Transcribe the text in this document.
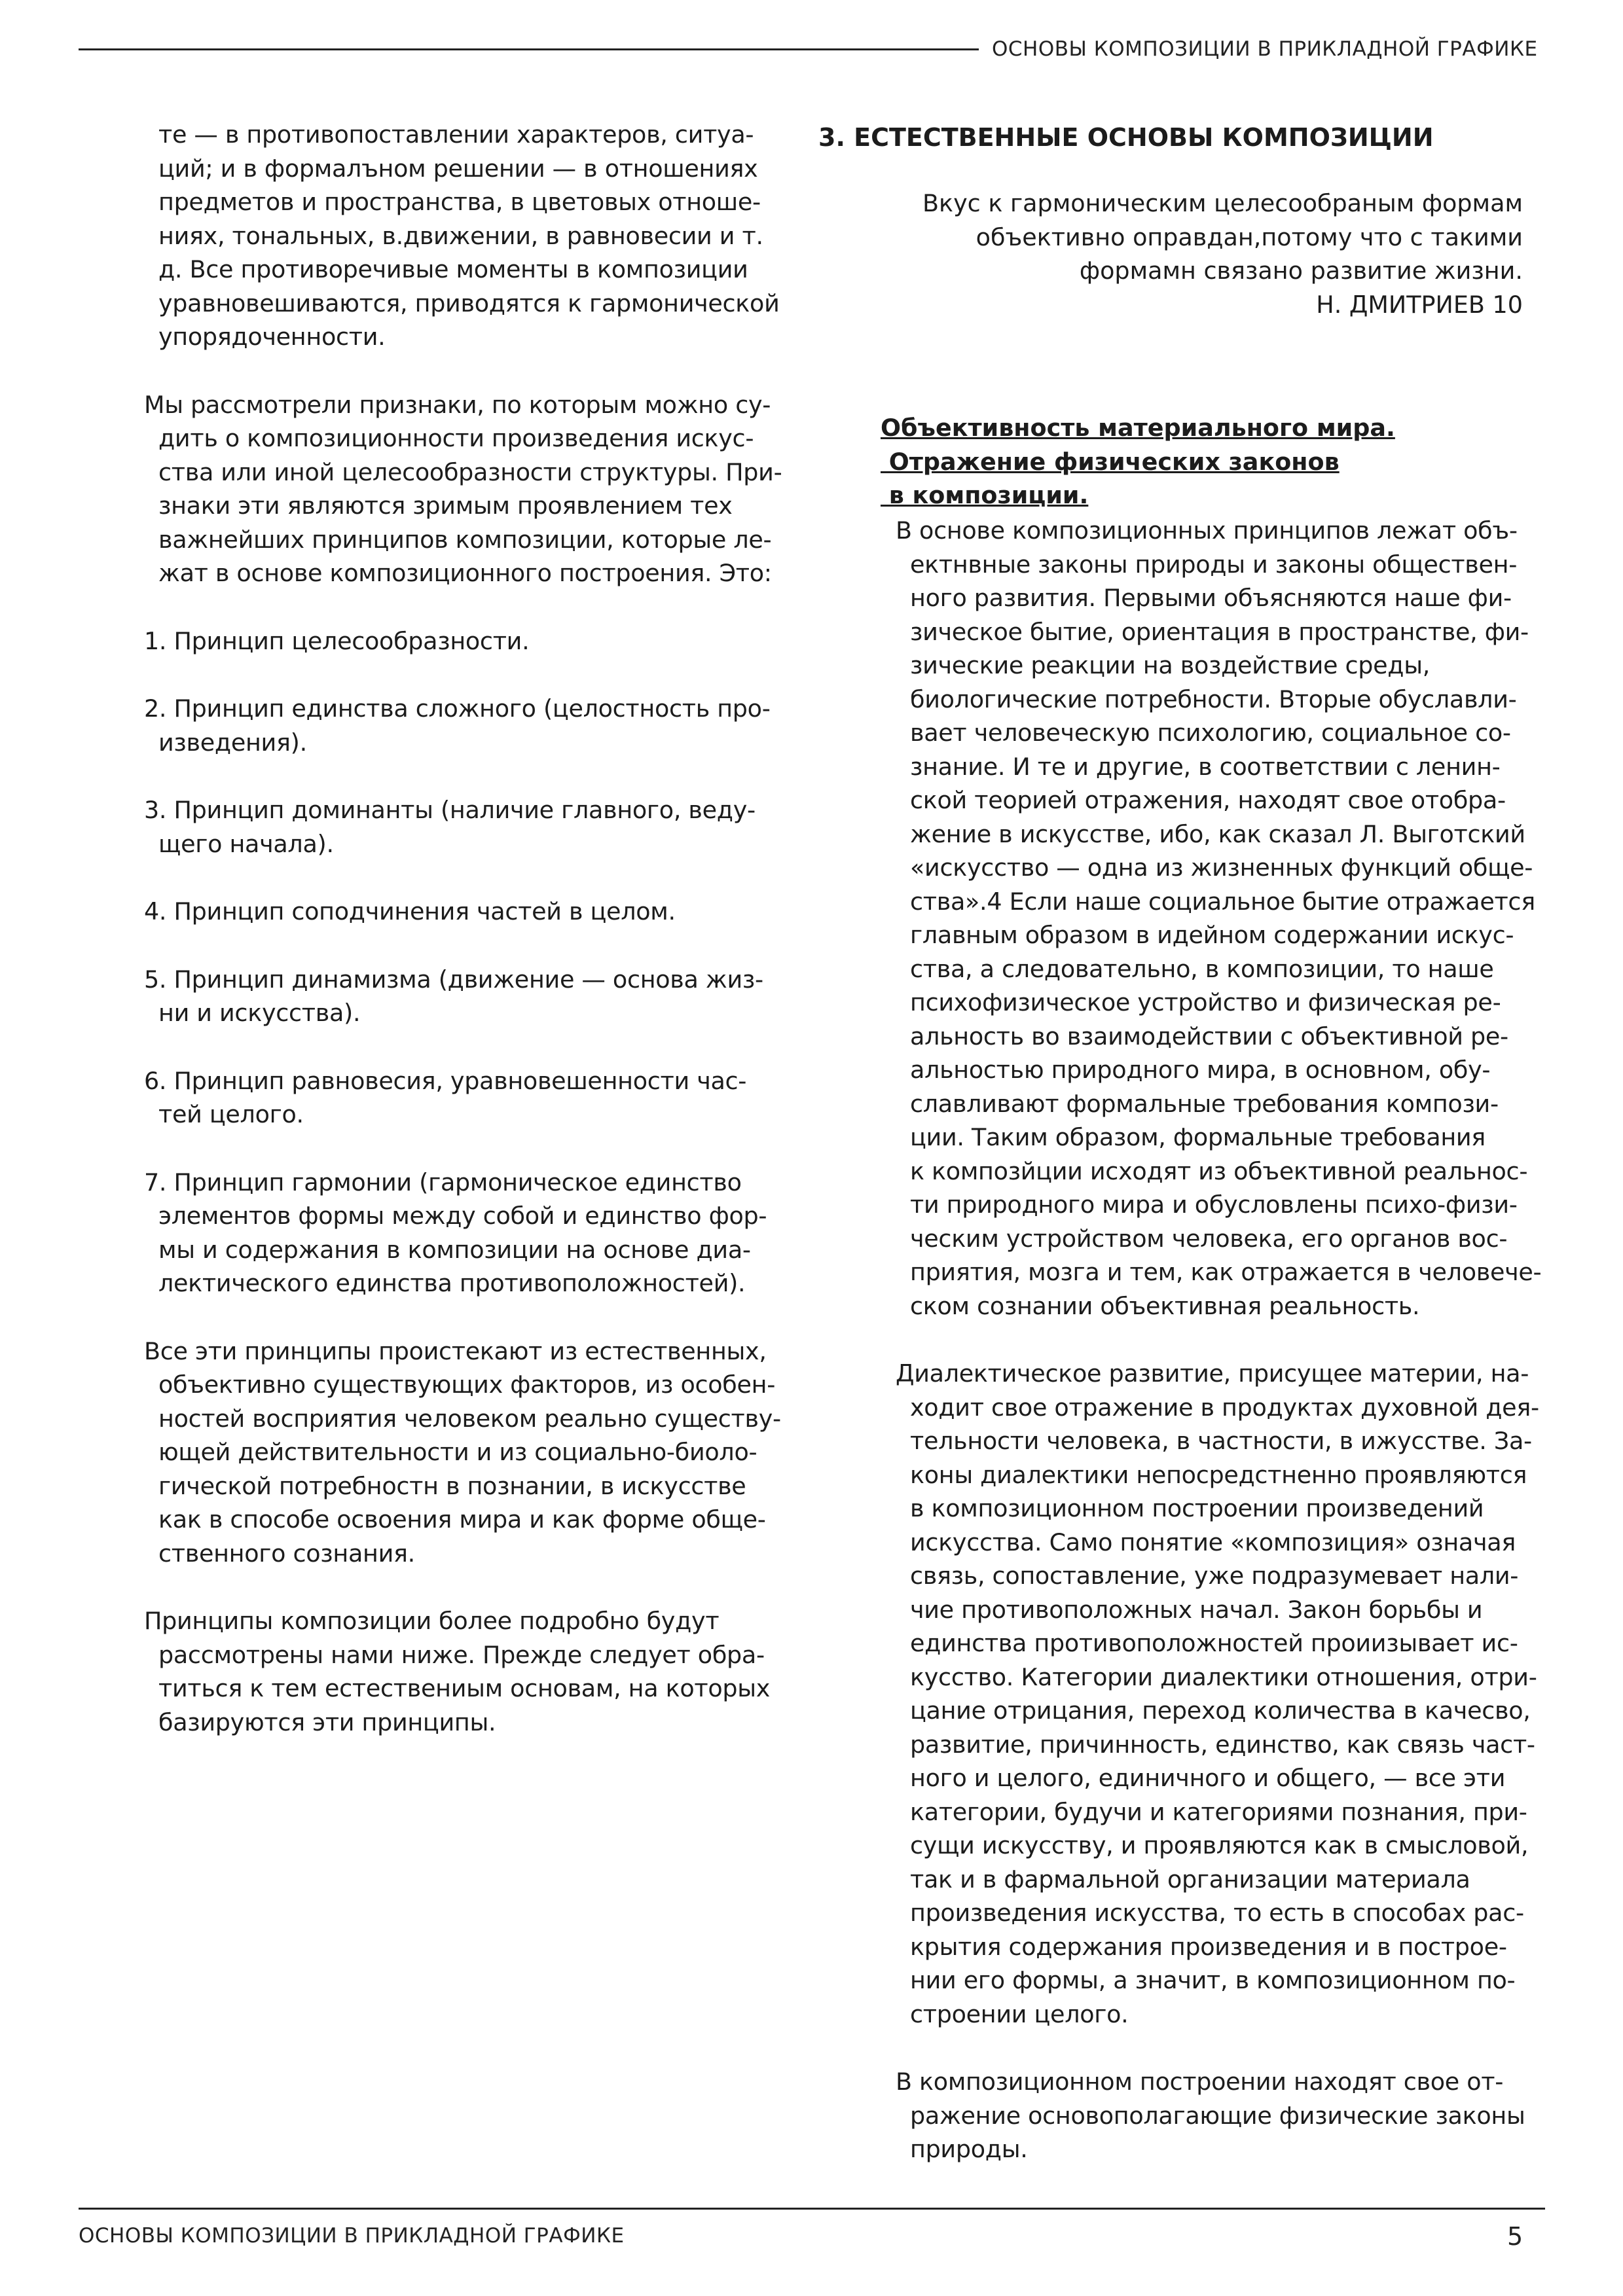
ОСНОВЫ КОМПОЗИЦИИ В ПРИКЛАДНОЙ ГРАФИКЕ

те — в противопоставлении характеров, ситуа-
ций; и в формалъном решении — в отношениях
предметов и пространства, в цветовых отноше-
ниях, тональных, в.движении, в равновесии и т.
д. Все противоречивые моменты в композиции
уравновешиваются, приводятся к гармонической
упорядоченности.

Мы рассмотрели признаки, по которым можно су-
дить о композиционности произведения искус-
ства или иной целесообразности структуры. При-
знаки эти являются зримым проявлением тех
важнейших принципов композиции, которые ле-
жат в основе композиционного построения. Это:

1. Принцип целесообразности.

2. Принцип единства сложного (целостность про-
изведения).

3. Принцип доминанты (наличие главного, веду-
щего начала).

4. Принцип соподчинения частей в целом.

5. Принцип динамизма (движение — основа жиз-
ни и искусства).

6. Принцип равновесия, уравновешенности час-
тей целого.

7. Принцип гармонии (гармоническое единство
элементов формы между собой и единство фор-
мы и содержания в композиции на основе диа-
лектического единства противоположностей).

Все эти принципы проистекают из естественных,
объективно существующих факторов, из особен-
ностей восприятия человеком реально существу-
ющей действительности и из социально-биоло-
гической потребностн в познании, в искусстве
как в способе освоения мира и как форме обще-
ственного сознания.

Принципы композиции более подробно будут
рассмотрены нами ниже. Прежде следует обра-
титься к тем естествениым основам, на которых
базируются эти принципы.

3. ЕСТЕСТВЕННЫЕ ОСНОВЫ КОМПОЗИЦИИ
Вкус к гармоническим целесообраным формам
объективно оправдан,потому что с такими
формамн связано развитие жизни.
Н. ДМИТРИЕВ 10
Объективность материального мира.
Отражение физических законов
в композиции.

В основе композиционных принципов лежат объ-
ектнвные законы природы и законы обществен-
ного развития. Первыми объясняются наше фи-
зическое бытие, ориентация в пространстве, фи-
зические реакции на воздействие среды,
биологические потребности. Вторые обуславли-
вает человеческую психологию, социальное со-
знание. И те и другие, в соответствии с ленин-
ской теорией отражения, находят свое отобра-
жение в искусстве, ибо, как сказал Л. Выготский
«искусство — одна из жизненных функций обще-
ства».4 Если наше социальное бытие отражается
главным образом в идейном содержании искус-
ства, а следовательно, в композиции, то наше
психофизическое устройство и физическая ре-
альность во взаимодействии с объективной ре-
альностью природного мира, в основном, обу-
славливают формальные требования компози-
ции. Таким образом, формальные требования
к композйции исходят из объективной реальнос-
ти природного мира и обусловлены психо-физи-
ческим устройством человека, его органов вос-
приятия, мозга и тем, как отражается в человече-
ском сознании объективная реальность.

Диалектическое развитие, присущее материи, на-
ходит свое отражение в продуктах духовной дея-
тельности человека, в частности, в ижусстве. За-
коны диалектики непосредстненно проявляются
в композиционном построении произведений
искусства. Само понятие «композиция» означая
связь, сопоставление, уже подразумевает нали-
чие противоположных начал. Закон борьбы и
единства противоположностей проиизывает ис-
кусство. Категории диалектики отношения, отри-
цание отрицания, переход количества в качесво,
развитие, причинность, единство, как связь част-
ного и целого, единичного и общего, — все эти
категории, будучи и категориями познания, при-
сущи искусству, и проявляются как в смысловой,
так и в фармальной организации материала
произведения искусства, то есть в способах рас-
крытия содержания произведения и в построе-
нии его формы, а значит, в композиционном по-
строении целого.

В композиционном построении находят свое от-
ражение основополагающие физические законы
природы.

ОСНОВЫ КОМПОЗИЦИИ В ПРИКЛАДНОЙ ГРАФИКЕ	5
